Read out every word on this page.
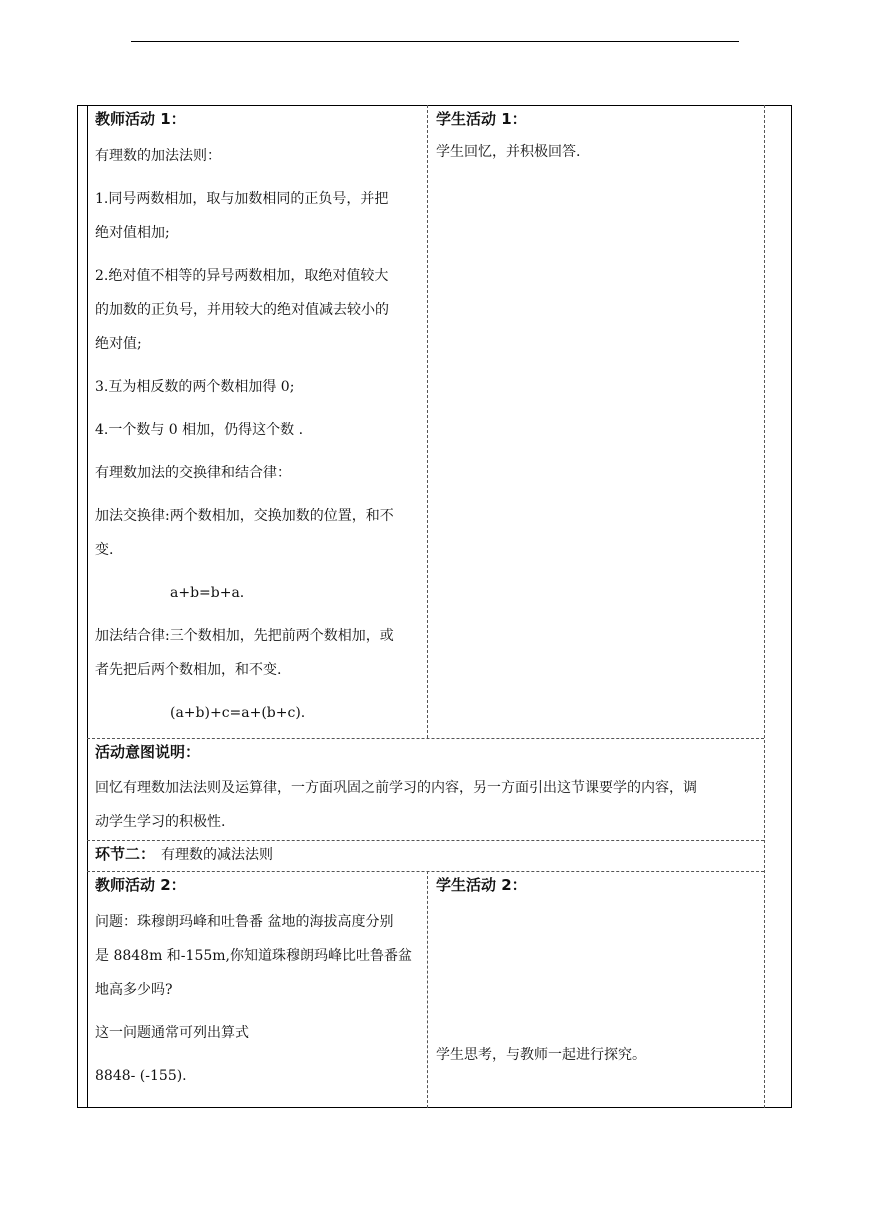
教师活动 1：
有理数的加法法则：
1.同号两数相加，取与加数相同的正负号，并把
绝对值相加;
2.绝对值不相等的异号两数相加，取绝对值较大
的加数的正负号，并用较大的绝对值减去较小的
绝对值;
3.互为相反数的两个数相加得 0;
4.一个数与 0 相加，仍得这个数 .
有理数加法的交换律和结合律：
加法交换律:两个数相加，交换加数的位置，和不
变.
a+b=b+a.
加法结合律:三个数相加，先把前两个数相加，或
者先把后两个数相加，和不变.
(a+b)+c=a+(b+c).
学生活动 1：
学生回忆，并积极回答.
活动意图说明：
回忆有理数加法法则及运算律，一方面巩固之前学习的内容，另一方面引出这节课要学的内容，调
动学生学习的积极性.
环节二： 有理数的减法法则
教师活动 2：
问题：珠穆朗玛峰和吐鲁番 盆地的海拔高度分别
是 8848m 和-155m,你知道珠穆朗玛峰比吐鲁番盆
地高多少吗?
这一问题通常可列出算式
8848- (-155).
学生活动 2：
学生思考，与教师一起进行探究。
